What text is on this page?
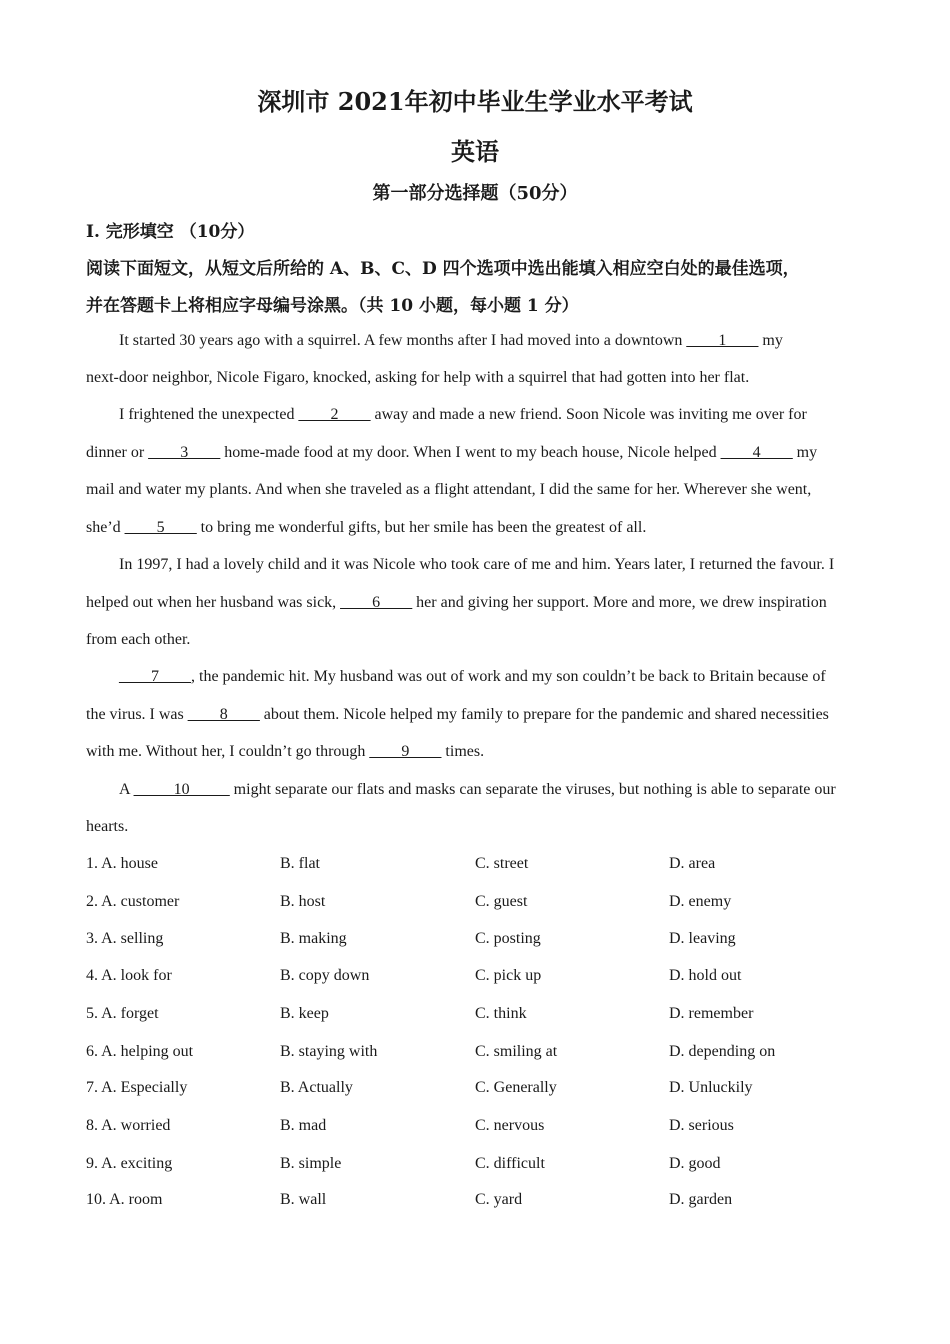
深圳市 2021年初中毕业生学业水平考试
英语
第一部分选择题（50分）
I. 完形填空 （10分）
阅读下面短文，从短文后所给的 A、B、C、D 四个选项中选出能填入相应空白处的最佳选项，
并在答题卡上将相应字母编号涂黑。（共 10 小题，每小题 1 分）
It started 30 years ago with a squirrel. A few months after I had moved into a downtown ____1____ my
next-door neighbor, Nicole Figaro, knocked, asking for help with a squirrel that had gotten into her flat.
I frightened the unexpected ____2____ away and made a new friend. Soon Nicole was inviting me over for
dinner or ____3____ home-made food at my door. When I went to my beach house, Nicole helped ____4____ my
mail and water my plants. And when she traveled as a flight attendant, I did the same for her. Wherever she went,
she’d ____5____ to bring me wonderful gifts, but her smile has been the greatest of all.
In 1997, I had a lovely child and it was Nicole who took care of me and him. Years later, I returned the favour. I
helped out when her husband was sick, ____6____ her and giving her support. More and more, we drew inspiration
from each other.
____7____, the pandemic hit. My husband was out of work and my son couldn’t be back to Britain because of
the virus. I was ____8____ about them. Nicole helped my family to prepare for the pandemic and shared necessities
with me. Without her, I couldn’t go through ____9____ times.
A _____10_____ might separate our flats and masks can separate the viruses, but nothing is able to separate our
hearts.
1. A. house	B. flat	C. street	D. area
2. A. customer	B. host	C. guest	D. enemy
3. A. selling	B. making	C. posting	D. leaving
4. A. look for	B. copy down	C. pick up	D. hold out
5. A. forget	B. keep	C. think	D. remember
6. A. helping out	B. staying with	C. smiling at	D. depending on
7. A. Especially	B. Actually	C. Generally	D. Unluckily
8. A. worried	B. mad	C. nervous	D. serious
9. A. exciting	B. simple	C. difficult	D. good
10. A. room	B. wall	C. yard	D. garden
